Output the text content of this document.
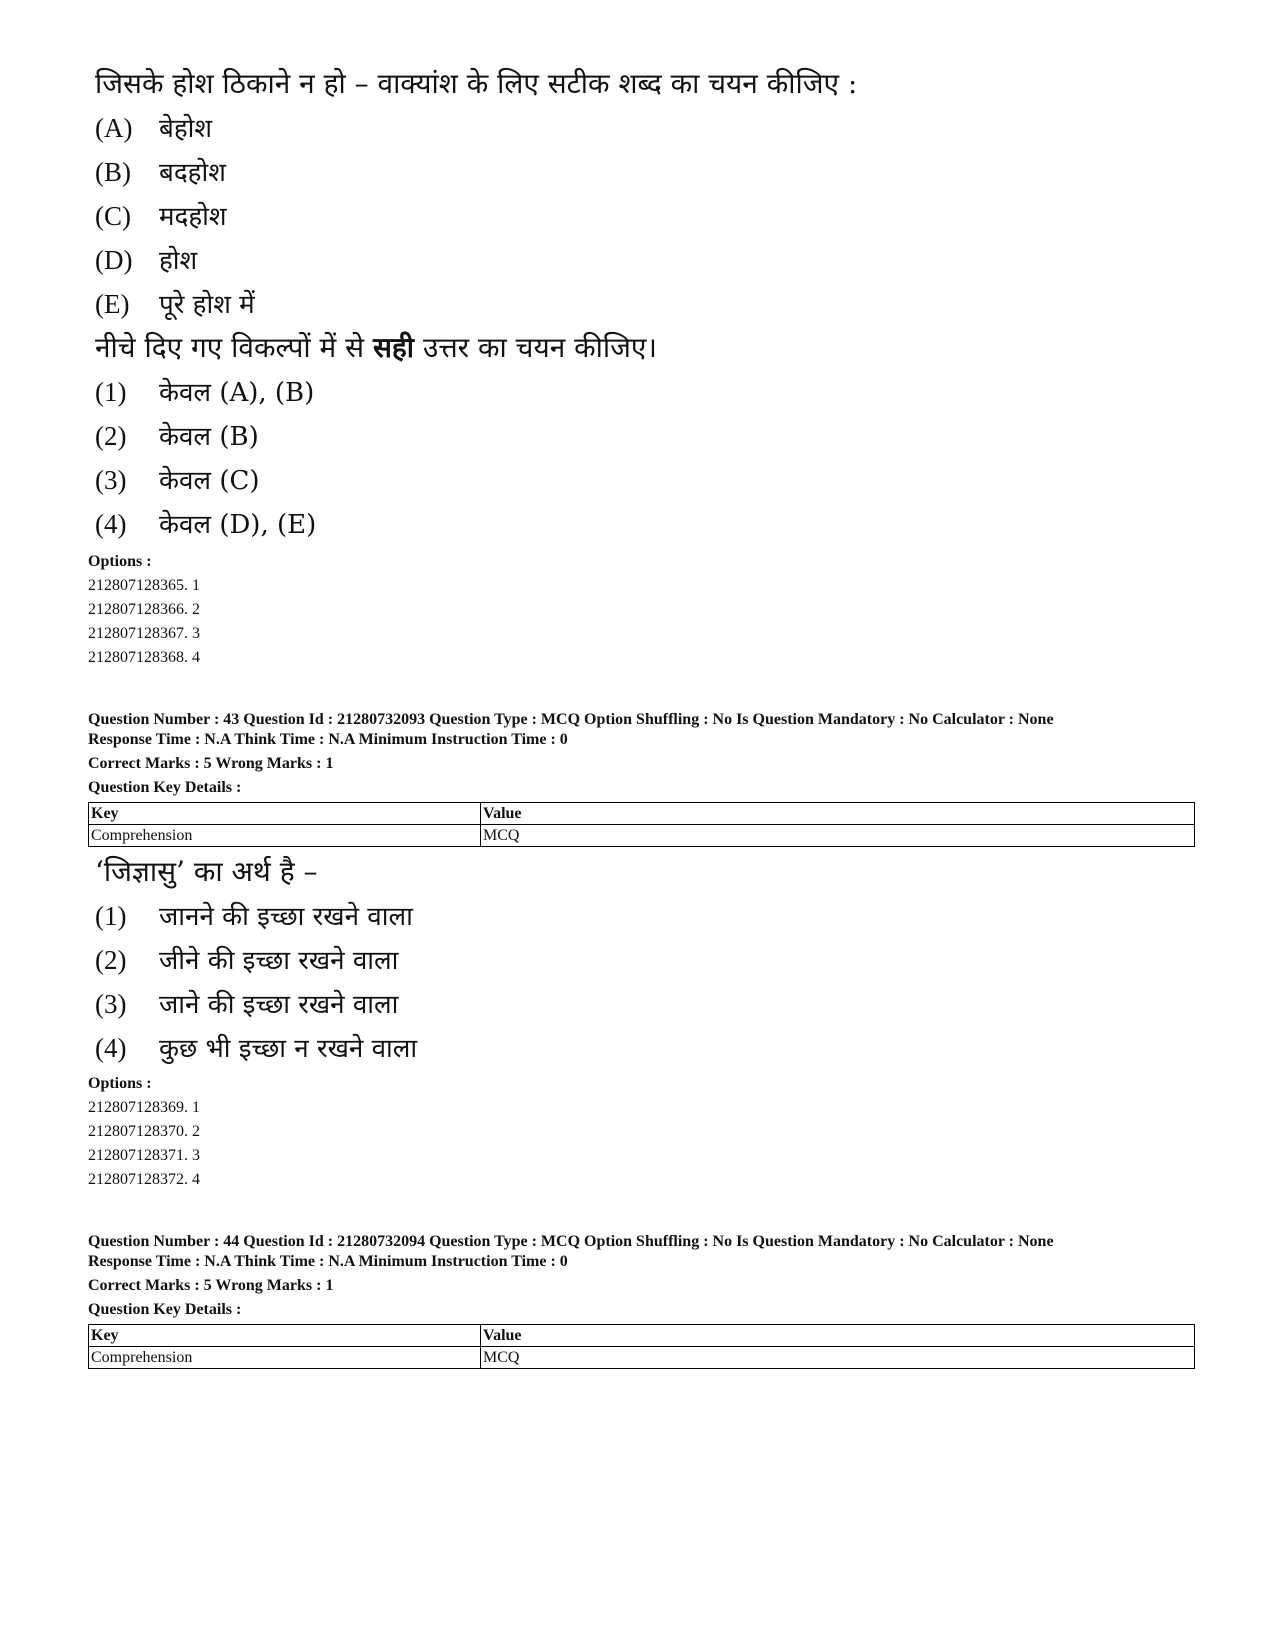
जिसके होश ठिकाने न हो – वाक्यांश के लिए सटीक शब्द का चयन कीजिए :
(A) बेहोश
(B) बदहोश
(C) मदहोश
(D) होश
(E) पूरे होश में
नीचे दिए गए विकल्पों में से सही उत्तर का चयन कीजिए।
(1) केवल (A), (B)
(2) केवल (B)
(3) केवल (C)
(4) केवल (D), (E)
Options :
212807128365. 1
212807128366. 2
212807128367. 3
212807128368. 4
Question Number : 43 Question Id : 21280732093 Question Type : MCQ Option Shuffling : No Is Question Mandatory : No Calculator : None
Response Time : N.A Think Time : N.A Minimum Instruction Time : 0
Correct Marks : 5 Wrong Marks : 1
Question Key Details :
Key	Value
Comprehension	MCQ
‘जिज्ञासु’ का अर्थ है –
(1) जानने की इच्छा रखने वाला
(2) जीने की इच्छा रखने वाला
(3) जाने की इच्छा रखने वाला
(4) कुछ भी इच्छा न रखने वाला
Options :
212807128369. 1
212807128370. 2
212807128371. 3
212807128372. 4
Question Number : 44 Question Id : 21280732094 Question Type : MCQ Option Shuffling : No Is Question Mandatory : No Calculator : None
Response Time : N.A Think Time : N.A Minimum Instruction Time : 0
Correct Marks : 5 Wrong Marks : 1
Question Key Details :
Key	Value
Comprehension	MCQ
